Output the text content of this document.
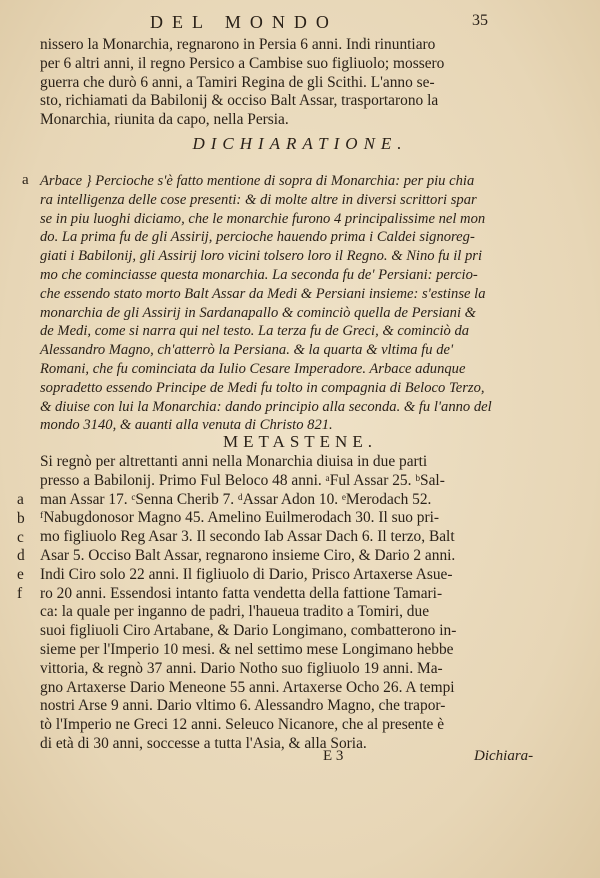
DEL MONDO	35
nissero la Monarchia, regnarono in Persia 6 anni. Indi rinuntiaro
per 6 altri anni, il regno Persico a Cambise suo figliuolo; mossero
guerra che durò 6 anni, a Tamiri Regina de gli Scithi. L'anno se-
sto, richiamati da Babilonij & occiso Balt Assar, trasportarono la
Monarchia, riunita da capo, nella Persia.
DICHIARATIONE.
a Arbace } Percioche s'è fatto mentione di sopra di Monarchia: per piu chia
ra intelligenza delle cose presenti: & di molte altre in diversi scrittori spar
se in piu luoghi diciamo, che le monarchie furono 4 principalissime nel mon
do. La prima fu de gli Assirij, percioche hauendo prima i Caldei signoreg-
giati i Babilonij, gli Assirij loro vicini tolsero loro il Regno. & Nino fu il pri
mo che cominciasse questa monarchia. La seconda fu de' Persiani: percio-
che essendo stato morto Balt Assar da Medi & Persiani insieme: s'estinse la
monarchia de gli Assirij in Sardanapallo & cominciò quella de Persiani &
de Medi, come si narra qui nel testo. La terza fu de Greci, & cominciò da
Alessandro Magno, ch'atterrò la Persiana. & la quarta & vltima fu de'
Romani, che fu cominciata da Iulio Cesare Imperadore. Arbace adunque
sopradetto essendo Principe de Medi fu tolto in compagnia di Beloco Terzo,
& diuise con lui la Monarchia: dando principio alla seconda. & fu l'anno del
mondo 3140, & auanti alla venuta di Christo 821.
METASTENE.
a
b
c
d
e
f
Si regnò per altrettanti anni nella Monarchia diuisa in due parti
presso a Babilonij. Primo Ful Beloco 48 anni. ᵃFul Assar 25. ᵇSal-
man Assar 17. ᶜSenna Cherib 7. ᵈAssar Adon 10. ᵉMerodach 52.
ᶠNabugdonosor Magno 45. Amelino Euilmerodach 30. Il suo pri-
mo figliuolo Reg Asar 3. Il secondo Iab Assar Dach 6. Il terzo, Balt
Asar 5. Occiso Balt Assar, regnarono insieme Ciro, & Dario 2 anni.
Indi Ciro solo 22 anni. Il figliuolo di Dario, Prisco Artaxerse Asue-
ro 20 anni. Essendosi intanto fatta vendetta della fattione Tamari-
ca: la quale per inganno de padri, l'haueua tradito a Tomiri, due
suoi figliuoli Ciro Artabane, & Dario Longimano, combatterono in-
sieme per l'Imperio 10 mesi. & nel settimo mese Longimano hebbe
vittoria, & regnò 37 anni. Dario Notho suo figliuolo 19 anni. Ma-
gno Artaxerse Dario Meneone 55 anni. Artaxerse Ocho 26. A tempi
nostri Arse 9 anni. Dario vltimo 6. Alessandro Magno, che trapor-
tò l'Imperio ne Greci 12 anni. Seleuco Nicanore, che al presente è
di età di 30 anni, soccesse a tutta l'Asia, & alla Soria.
E 3	Dichiara-
